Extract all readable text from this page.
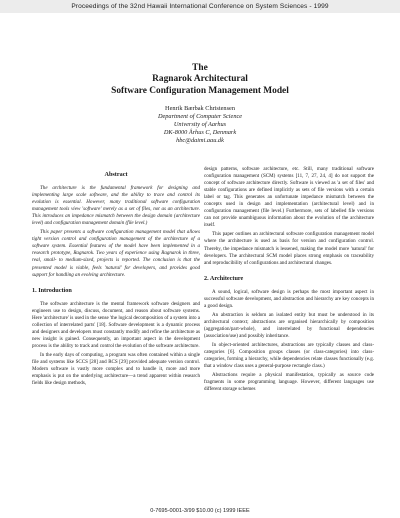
Proceedings of the 32nd Hawaii International Conference on System Sciences - 1999
The
Ragnarok Architectural
Software Configuration Management Model
Henrik Bærbak Christensen
Department of Computer Science
University of Aarhus
DK-8000 Århus C, Denmark
hbc@daimi.aau.dk
Abstract

The architecture is the fundamental framework for designing and implementing large scale software, and the ability to trace and control its evolution is essential. However, many traditional software configuration management tools view 'software' merely as a set of files, not as an architecture. This introduces an impedance mismatch between the design domain (architecture level) and configuration management domain (file level.)

This paper presents a software configuration management model that allows tight version control and configuration management of the architecture of a software system. Essential features of the model have been implemented in a research prototype, Ragnarok. Two years of experience using Ragnarok in three, real, small- to medium-sized, projects is reported. The conclusion is that the presented model is viable, feels 'natural' for developers, and provides good support for handling an evolving architecture.

1. Introduction

The software architecture is the mental framework software designers and engineers use to design, discuss, document, and reason about software systems. Here 'architecture' is used in the sense 'the logical decomposition of a system into a collection of interrelated parts' [18]. Software development is a dynamic process and designers and developers must constantly modify and refine the architecture as new insight is gained. Consequently, an important aspect in the development process is the ability to track and control the evolution of the software architecture.

In the early days of computing, a program was often contained within a single file and systems like SCCS [28] and RCS [29] provided adequate version control. Modern software is vastly more complex and to handle it, more and more emphasis is put on the underlying architecture—a trend apparent within research fields like design methods,

design patterns, software architecture, etc. Still, many traditional software configuration management (SCM) systems [11, 7, 27, 24, 4] do not support the concept of software architecture directly. Software is viewed as 'a set of files' and stable configurations are defined implicitly as sets of file versions with a certain label or tag. This generates an unfortunate impedance mismatch between the concepts used in design and implementation (architectural level) and in configuration management (file level.) Furthermore, sets of labelled file versions can not provide unambiguous information about the evolution of the architecture itself.

This paper outlines an architectural software configuration management model where the architecture is used as basis for version and configuration control. Thereby, the impedance mismatch is lessened, making the model more 'natural' for developers. The architectural SCM model places strong emphasis on traceability and reproducibility of configurations and architectural changes.

2. Architecture

A sound, logical, software design is perhaps the most important aspect in successful software development, and abstraction and hierarchy are key concepts in a good design.

An abstraction is seldom an isolated entity but must be understood in its architectural context; abstractions are organised hierarchically by composition (aggregation/part-whole), and interrelated by functional dependencies (association/use) and possibly inheritance.

In object-oriented architectures, abstractions are typically classes and class-categories [6]. Composition groups classes (or class-categories) into class-categories, forming a hierarchy, while dependencies relate classes functionally (e.g. that a window class uses a general-purpose rectangle class.)

Abstractions require a physical manifestation, typically as source code fragments in some programming language. However, different languages use different storage schemes

0-7695-0001-3/99 $10.00 (c) 1999 IEEE
